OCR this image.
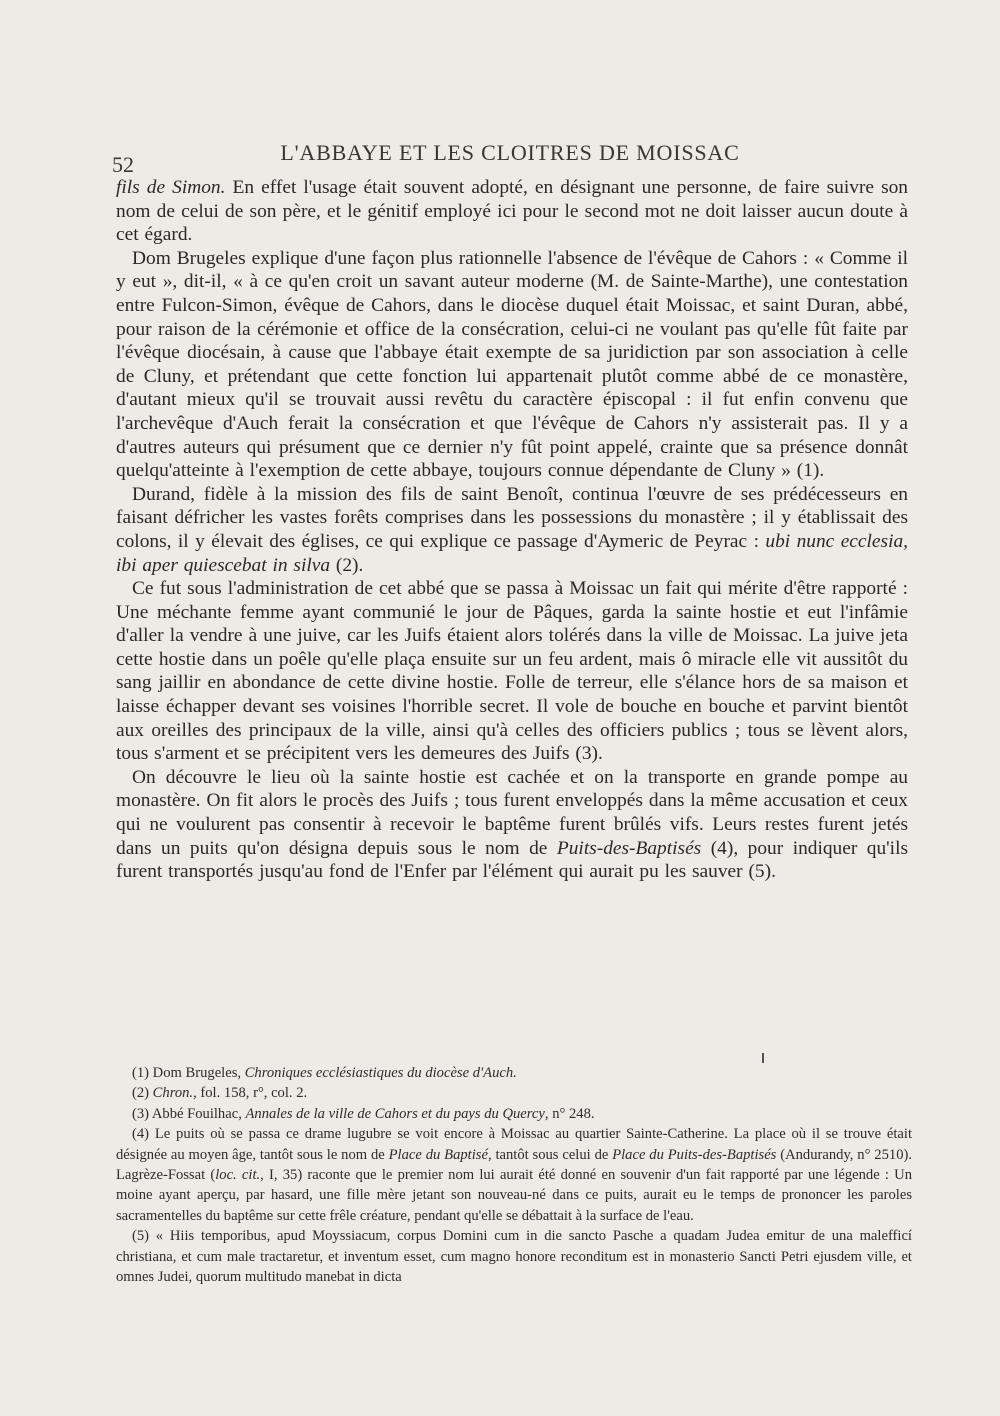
52	L'ABBAYE ET LES CLOITRES DE MOISSAC

fils de Simon. En effet l'usage était souvent adopté, en désignant une personne, de faire suivre son nom de celui de son père, et le génitif employé ici pour le second mot ne doit laisser aucun doute à cet égard.

Dom Brugeles explique d'une façon plus rationnelle l'absence de l'évêque de Cahors : « Comme il y eut », dit-il, « à ce qu'en croit un savant auteur moderne (M. de Sainte-Marthe), une contestation entre Fulcon-Simon, évêque de Cahors, dans le diocèse duquel était Moissac, et saint Duran, abbé, pour raison de la cérémonie et office de la consécration, celui-ci ne voulant pas qu'elle fût faite par l'évêque diocésain, à cause que l'abbaye était exempte de sa juridiction par son association à celle de Cluny, et prétendant que cette fonction lui appartenait plutôt comme abbé de ce monastère, d'autant mieux qu'il se trouvait aussi revêtu du caractère épiscopal : il fut enfin convenu que l'archevêque d'Auch ferait la consécration et que l'évêque de Cahors n'y assisterait pas. Il y a d'autres auteurs qui présument que ce dernier n'y fût point appelé, crainte que sa présence donnât quelqu'atteinte à l'exemption de cette abbaye, toujours connue dépendante de Cluny » (1).

Durand, fidèle à la mission des fils de saint Benoît, continua l'œuvre de ses prédécesseurs en faisant défricher les vastes forêts comprises dans les possessions du monastère ; il y établissait des colons, il y élevait des églises, ce qui explique ce passage d'Aymeric de Peyrac : ubi nunc ecclesia, ibi aper quiescebat in silva (2).

Ce fut sous l'administration de cet abbé que se passa à Moissac un fait qui mérite d'être rapporté : Une méchante femme ayant communié le jour de Pâques, garda la sainte hostie et eut l'infâmie d'aller la vendre à une juive, car les Juifs étaient alors tolérés dans la ville de Moissac. La juive jeta cette hostie dans un poêle qu'elle plaça ensuite sur un feu ardent, mais ô miracle elle vit aussitôt du sang jaillir en abondance de cette divine hostie. Folle de terreur, elle s'élance hors de sa maison et laisse échapper devant ses voisines l'horrible secret. Il vole de bouche en bouche et parvint bientôt aux oreilles des principaux de la ville, ainsi qu'à celles des officiers publics ; tous se lèvent alors, tous s'arment et se précipitent vers les demeures des Juifs (3).

On découvre le lieu où la sainte hostie est cachée et on la transporte en grande pompe au monastère. On fit alors le procès des Juifs ; tous furent enveloppés dans la même accusation et ceux qui ne voulurent pas consentir à recevoir le baptême furent brûlés vifs. Leurs restes furent jetés dans un puits qu'on désigna depuis sous le nom de Puits-des-Baptisés (4), pour indiquer qu'ils furent transportés jusqu'au fond de l'Enfer par l'élément qui aurait pu les sauver (5).

(1) Dom Brugeles, Chroniques ecclésiastiques du diocèse d'Auch.

(2) Chron., fol. 158, r°, col. 2.

(3) Abbé Fouilhac, Annales de la ville de Cahors et du pays du Quercy, n° 248.

(4) Le puits où se passa ce drame lugubre se voit encore à Moissac au quartier Sainte-Catherine. La place où il se trouve était désignée au moyen âge, tantôt sous le nom de Place du Baptisé, tantôt sous celui de Place du Puits-des-Baptisés (Andurandy, n° 2510). Lagrèze-Fossat (loc. cit., I, 35) raconte que le premier nom lui aurait été donné en souvenir d'un fait rapporté par une légende : Un moine ayant aperçu, par hasard, une fille mère jetant son nouveau-né dans ce puits, aurait eu le temps de prononcer les paroles sacramentelles du baptême sur cette frêle créature, pendant qu'elle se débattait à la surface de l'eau.

(5) « Hiis temporibus, apud Moyssiacum, corpus Domini cum in die sancto Pasche a quadam Judea emitur de una malefficí christiana, et cum male tractaretur, et inventum esset, cum magno honore reconditum est in monasterio Sancti Petri ejusdem ville, et omnes Judei, quorum multitudo manebat in dicta
